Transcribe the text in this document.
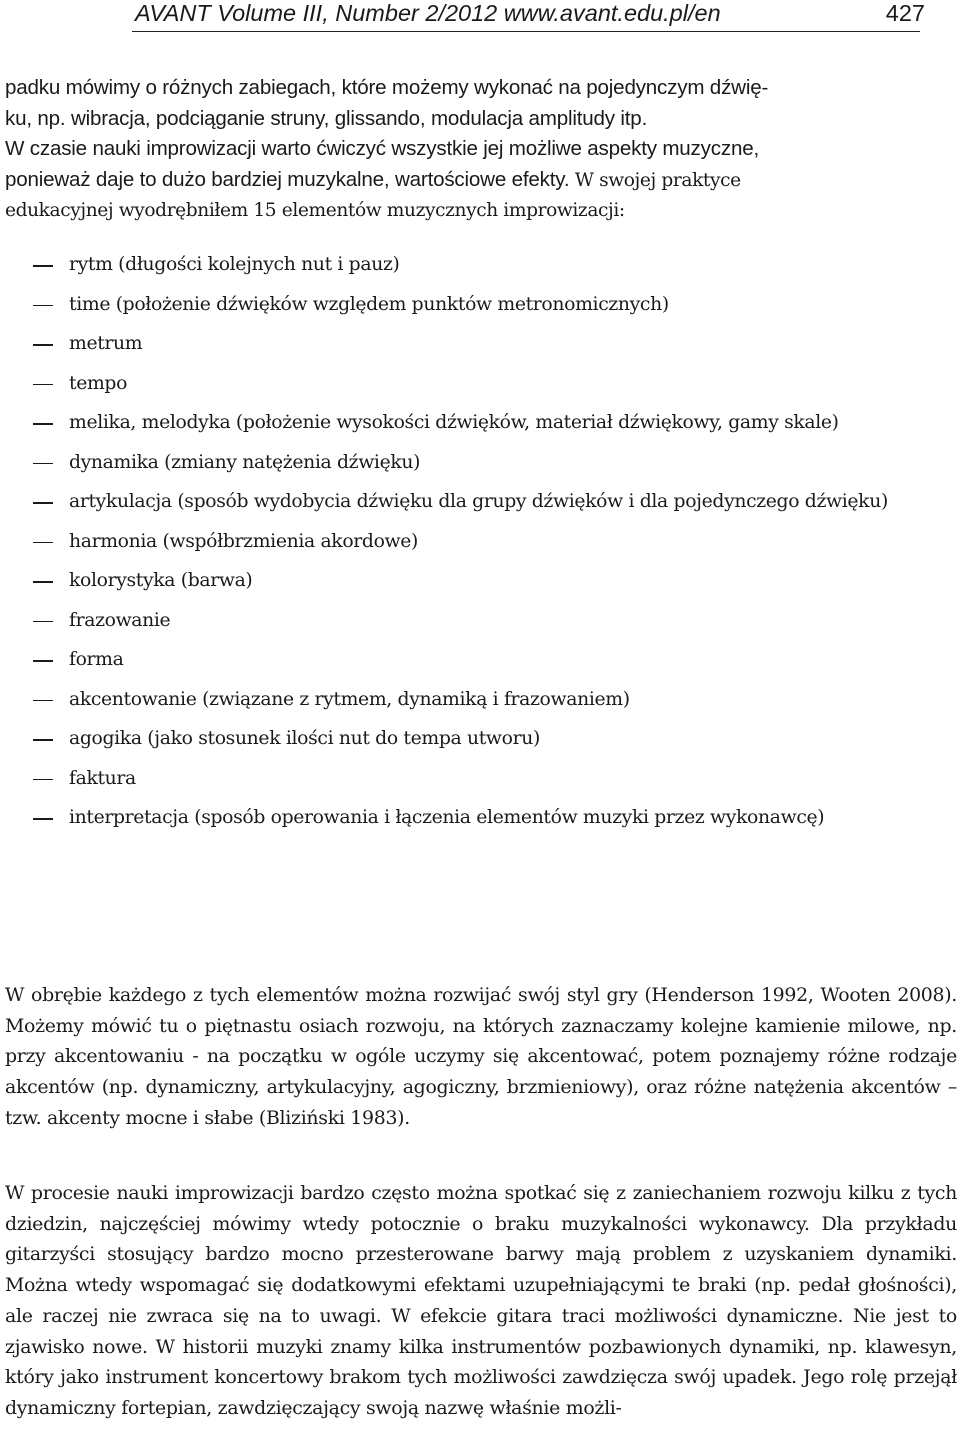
AVANT Volume III, Number 2/2012 www.avant.edu.pl/en	427

padku mówimy o różnych zabiegach, które możemy wykonać na pojedynczym dźwię-

ku, np. wibracja, podciąganie struny, glissando, modulacja amplitudy itp.

W czasie nauki improwizacji warto ćwiczyć wszystkie jej możliwe aspekty muzyczne,

ponieważ daje to dużo bardziej muzykalne, wartościowe efekty. W swojej praktyce

edukacyjnej wyodrębniłem 15 elementów muzycznych improwizacji:

rytm (długości kolejnych nut i pauz)
time (położenie dźwięków względem punktów metronomicznych)
metrum
tempo
melika, melodyka (położenie wysokości dźwięków, materiał dźwiękowy, gamy skale)
dynamika (zmiany natężenia dźwięku)
artykulacja (sposób wydobycia dźwięku dla grupy dźwięków i dla pojedynczego dźwięku)
harmonia (współbrzmienia akordowe)
kolorystyka (barwa)
frazowanie
forma
akcentowanie (związane z rytmem, dynamiką i frazowaniem)
agogika (jako stosunek ilości nut do tempa utworu)
faktura
interpretacja (sposób operowania i łączenia elementów muzyki przez wykonawcę)

W obrębie każdego z tych elementów można rozwijać swój styl gry (Henderson 1992, Wooten 2008). Możemy mówić tu o piętnastu osiach rozwoju, na których zaznaczamy kolejne kamienie milowe, np. przy akcentowaniu - na początku w ogóle uczymy się akcentować, potem poznajemy różne rodzaje akcentów (np. dynamiczny, artykulacyjny, agogiczny, brzmieniowy), oraz różne natężenia akcentów – tzw. akcenty mocne i słabe (Bliziński 1983).

W procesie nauki improwizacji bardzo często można spotkać się z zaniechaniem rozwoju kilku z tych dziedzin, najczęściej mówimy wtedy potocznie o braku muzykalności wykonawcy. Dla przykładu gitarzyści stosujący bardzo mocno przesterowane barwy mają problem z uzyskaniem dynamiki. Można wtedy wspomagać się dodatkowymi efektami uzupełniającymi te braki (np. pedał głośności), ale raczej nie zwraca się na to uwagi. W efekcie gitara traci możliwości dynamiczne. Nie jest to zjawisko nowe. W historii muzyki znamy kilka instrumentów pozbawionych dynamiki, np. klawesyn, który jako instrument koncertowy brakom tych możliwości zawdzięcza swój upadek. Jego rolę przejął dynamiczny fortepian, zawdzięczający swoją nazwę właśnie możli-
